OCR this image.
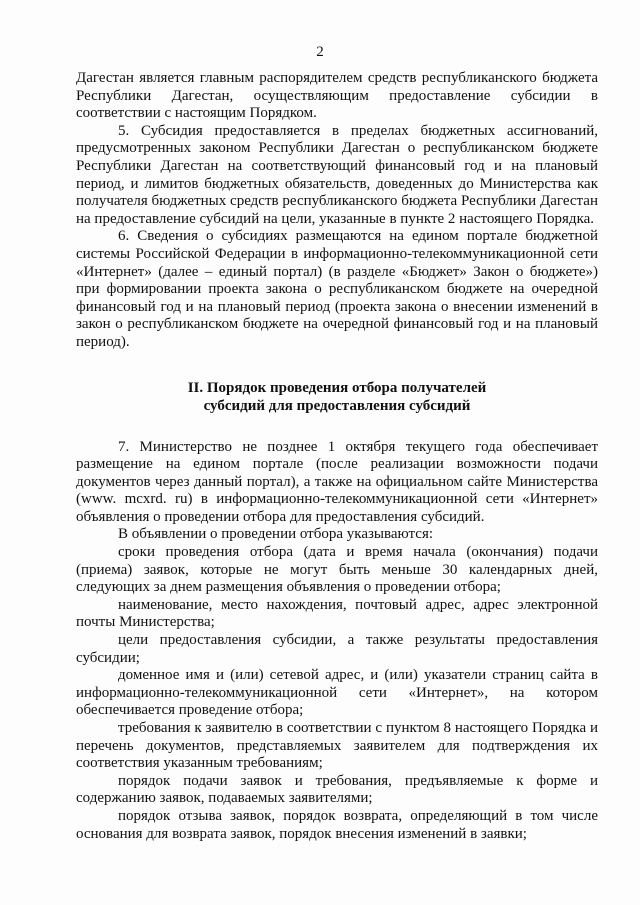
2

Дагестан является главным распорядителем средств республиканского бюджета Республики Дагестан, осуществляющим предоставление субсидии в соответствии с настоящим Порядком.

5. Субсидия предоставляется в пределах бюджетных ассигнований, предусмотренных законом Республики Дагестан о республиканском бюджете Республики Дагестан на соответствующий финансовый год и на плановый период, и лимитов бюджетных обязательств, доведенных до Министерства как получателя бюджетных средств республиканского бюджета Республики Дагестан на предоставление субсидий на цели, указанные в пункте 2 настоящего Порядка.

6. Сведения о субсидиях размещаются на едином портале бюджетной системы Российской Федерации в информационно-телекоммуникационной сети «Интернет» (далее – единый портал) (в разделе «Бюджет» Закон о бюджете») при формировании проекта закона о республиканском бюджете на очередной финансовый год и на плановый период (проекта закона о внесении изменений в закон о республиканском бюджете на очередной финансовый год и на плановый период).

II. Порядок проведения отбора получателей
субсидий для предоставления субсидий

7. Министерство не позднее 1 октября текущего года обеспечивает размещение на едином портале (после реализации возможности подачи документов через данный портал), а также на официальном сайте Министерства (www. mcxrd. ru) в информационно-телекоммуникационной сети «Интернет» объявления о проведении отбора для предоставления субсидий.

В объявлении о проведении отбора указываются:

сроки проведения отбора (дата и время начала (окончания) подачи (приема) заявок, которые не могут быть меньше 30 календарных дней, следующих за днем размещения объявления о проведении отбора;

наименование, место нахождения, почтовый адрес, адрес электронной почты Министерства;

цели предоставления субсидии, а также результаты предоставления субсидии;

доменное имя и (или) сетевой адрес, и (или) указатели страниц сайта в информационно-телекоммуникационной сети «Интернет», на котором обеспечивается проведение отбора;

требования к заявителю в соответствии с пунктом 8 настоящего Порядка и перечень документов, представляемых заявителем для подтверждения их соответствия указанным требованиям;

порядок подачи заявок и требования, предъявляемые к форме и содержанию заявок, подаваемых заявителями;

порядок отзыва заявок, порядок возврата, определяющий в том числе основания для возврата заявок, порядок внесения изменений в заявки;
